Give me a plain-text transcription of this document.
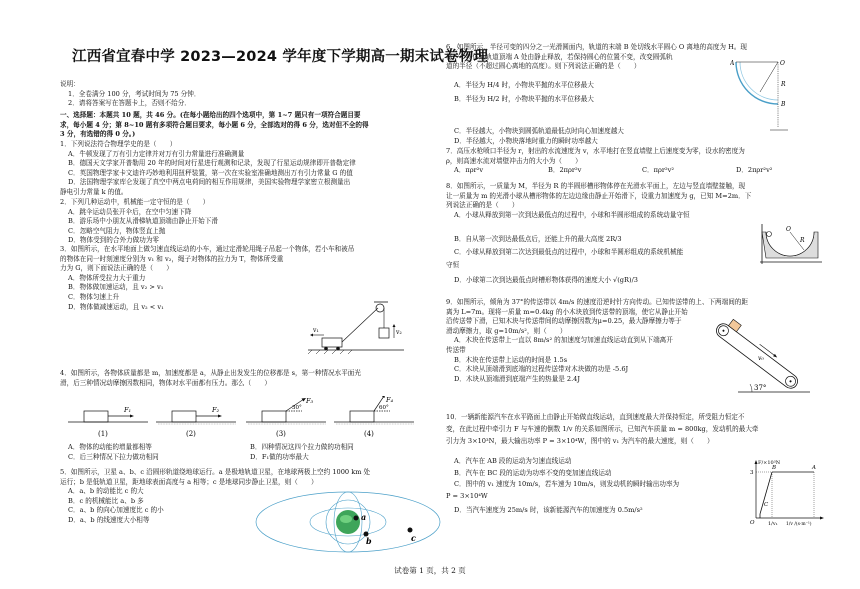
江西省宜春中学 2023—2024 学年度下学期高一期末试卷物理

说明：

1．全卷满分 100 分，考试时间为 75 分钟．

2．请将答案写在答题卡上，否则不给分．

一、选择题：本题共 10 题，共 46 分。(在每小题给出的四个选项中，第 1~7 题只有一项符合题目要

求，每小题 4 分；第 8~10 题有多项符合题目要求，每小题 6 分，全部选对的得 6 分，选对但不全的得

3 分，有选错的得 0 分。)

1．下列说法符合物理学史的是（　　）

A．牛顿发现了万有引力定律并对万有引力常量进行准确测量

B．德国天文学家开普勒用 20 年的时间对行星进行观测和记录，发现了行星运动规律即开普勒定律

C．英国物理学家卡文迪许巧妙地利用扭秤装置，第一次在实验室准确地测出万有引力常量 G 的值

D．法国物理学家库仑发现了真空中两点电荷间的相互作用规律，美国实验物理学家密立根测量出

静电引力常量 k 的值。

2．下列几种运动中，机械能一定守恒的是（　　）

A．跳伞运动员张开伞后，在空中匀速下降

B．游乐场中小朋友从滑梯轨道顶端由静止开始下滑

C．忽略空气阻力，物体竖直上抛

D．物体受到的合外力做功为零

3．如图所示，在水平地面上做匀速直线运动的小车，通过定滑轮用绳子吊起一个物体，若小车和被吊

的物体在同一时刻速度分别为 v₁ 和 v₂，绳子对物体的拉力为 T，物体所受重

力为 G，则下面说法正确的是（　　）

A．物体所受拉力大于重力

B．物体做加速运动，且 v₂ > v₁

C．物体匀速上升

D．物体做减速运动，且 v₂ < v₁

v₂
v₁

4．如图所示，各物体质量都是 m，加速度都是 a，从静止出发发生的位移都是 s，第一种情况水平面光

滑，后三种情况动摩擦因数相同，物体对水平面都有压力。那么（　　）

F₁	F₂
F₃
30°
F₄
60°
(1)	(2)	(3)	(4)

A．物体的动能的增量都相等

C．后三种情况下拉力做功相同

B．四种情况这四个拉力做的功相同

D．F₁做的功率最大

5．如图所示，卫星 a、b、c 沿圆形轨道绕地球运行。a 是极地轨道卫星，在地球两极上空约 1000 km 处

运行；b 是低轨道卫星，距地球表面高度与 a 相等；c 是地球同步静止卫星，则（　　）

A．a、b 的动能比 c 的大

B．c 的机械能比 a、b 多

C．a、b 的向心加速度比 c 的小

D．a、b 的线速度大小相等	a
b	c

6．如图所示，半径可变的四分之一光滑圆面内，轨道的末端 B 处切线水平圆心 O 离地的高度为 H。现

将一个物体从轨道顶端 A 处由静止释放，若保持圆心的位置不变，改变圆弧轨

道的半径（不超过圆心离地的高度）。则下列说法正确的是（　　）

A．半径为 H/4 时，小物块平抛的水平位移最大

B．半径为 H/2 时，小物块平抛的水平位移最大

C．半径越大，小物块到圆弧轨道最低点时向心加速度越大

D．半径越大，小物块落地时重力的瞬时功率越大

A	O
R
B

7．高压水枪喷口半径为 r，射出的水流速度为 v，水平地打在竖直墙壁上后速度变为零，设水的密度为

ρ，则高速水流对墙壁冲击力的大小为（　　）

A．πρr²v	B．2πρr²v	C．πρr²v²	D．2πρr²v²

8．如图所示，一质量为 M，半径为 R 的半圆形槽形物体停在光滑水平面上，左边与竖直墙壁接触，现

让一质量为 m 的光滑小球从槽形物体的左边边缘由静止开始滑下，设重力加速度为 g，已知 M=2m．下

列说法正确的是（　　）

A．小球从释放到第一次到达最低点的过程中，小球和半圆形组成的系统动量守恒

B．自从第一次到达最低点后，还能上升的最大高度 2R/3

C．小球从释放到第二次达到最低点的过程中，小球和半圆形组成的系统机械能

守恒

D．小球第二次到达最低点时槽形物体获得的速度大小 √(gR)/3

O
R

9．如图所示，倾角为 37°的传送带以 4m/s 的速度沿逆时针方向传动。已知传送带的上、下两端间的距

离为 L=7m。现将一质量 m=0.4kg 的小木块放到传送带的顶端，使它从静止开始

沿传送带下滑，已知木块与传送带间的动摩擦因数为μ=0.25，最大静摩擦力等于

滑动摩擦力，取 g=10m/s²，则（　　）

A．木块在传送带上一直以 8m/s² 的加速度匀加速直线运动直到从下端离开

传送带

B．木块在传送带上运动的时间是 1.5s

C．木块从顶端滑到底端的过程传送带对木块做的功是 -5.6J

D．木块从顶端滑到底端产生的热量是 2.4J

v₀
37°

10．一辆新能源汽车在水平路面上由静止开始做直线运动，直到速度最大并保持恒定，所受阻力恒定不

变，在此过程中牵引力 F 与车速的倒数 1/v 的关系如图所示，已知汽车质量 m = 800kg，发动机的最大牵

引力为 3×10³N，最大输出功率 P = 3×10⁴W，图中的 v₁ 为汽车的最大速度，则（　　）

A．汽车在 AB 段的运动为匀速直线运动

B．汽车在 BC 段的运动为功率不变的变加速直线运动

C．图中的 v₁ 速度为 10m/s，若车速为 10m/s，则发动机的瞬时输出功率为

P = 3×10⁴W

D．当汽车速度为 25m/s 时，该新能源汽车的加速度为 0.5m/s²

F/×10³N
3
O	1/v₁ 1/v /(s·m⁻¹)
C
B	A
试卷第 1 页，共 2 页
